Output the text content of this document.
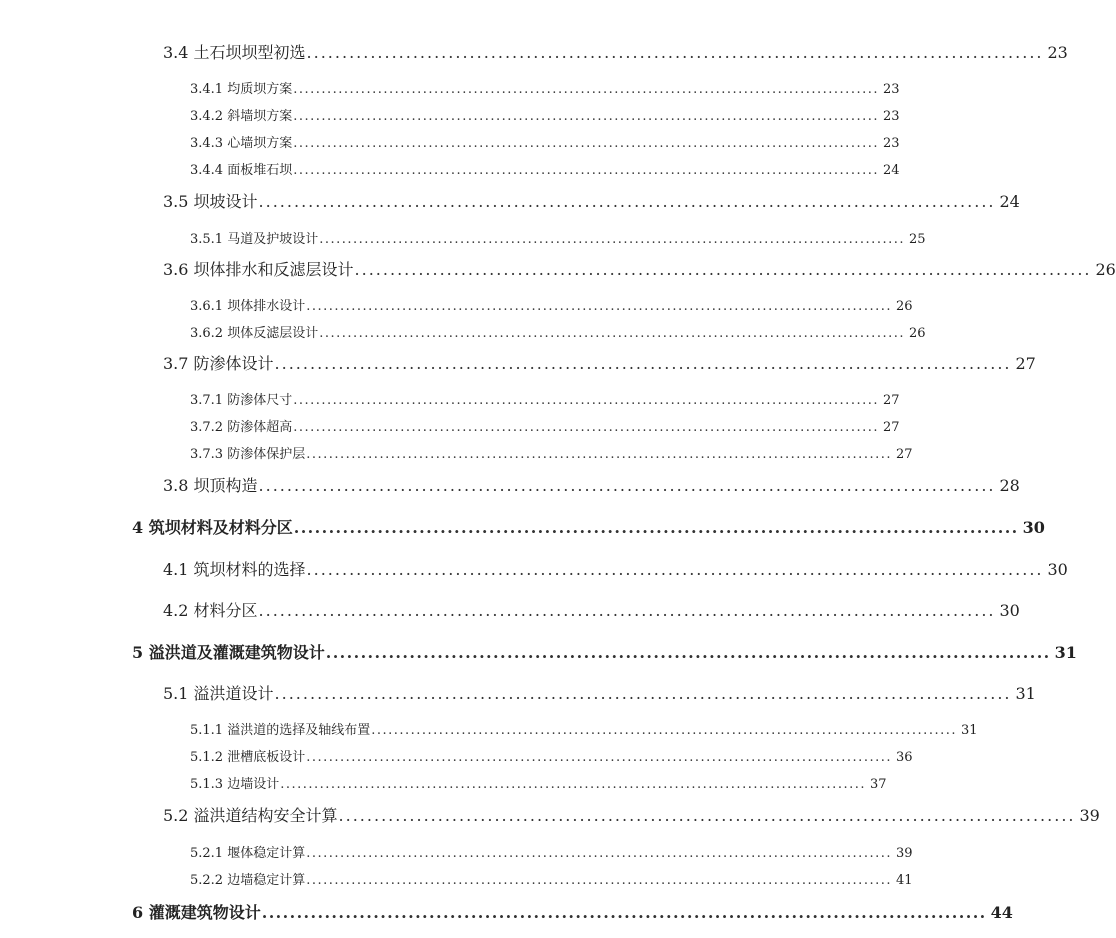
3.4 土石坝坝型初选 ........................................................................................................ 23
3.4.1 均质坝方案 ........................................................................................................ 23
3.4.2 斜墙坝方案 ........................................................................................................ 23
3.4.3 心墙坝方案 ........................................................................................................ 23
3.4.4 面板堆石坝 ........................................................................................................ 24
3.5 坝坡设计 ........................................................................................................ 24
3.5.1 马道及护坡设计 ........................................................................................................ 25
3.6 坝体排水和反滤层设计 ........................................................................................................ 26
3.6.1 坝体排水设计 ........................................................................................................ 26
3.6.2 坝体反滤层设计 ........................................................................................................ 26
3.7 防渗体设计 ........................................................................................................ 27
3.7.1 防渗体尺寸 ........................................................................................................ 27
3.7.2 防渗体超高 ........................................................................................................ 27
3.7.3 防渗体保护层 ........................................................................................................ 27
3.8 坝顶构造 ........................................................................................................ 28
4 筑坝材料及材料分区 ........................................................................................................ 30
4.1 筑坝材料的选择 ........................................................................................................ 30
4.2 材料分区 ........................................................................................................ 30
5 溢洪道及灌溉建筑物设计 ........................................................................................................ 31
5.1 溢洪道设计 ........................................................................................................ 31
5.1.1 溢洪道的选择及轴线布置 ........................................................................................................ 31
5.1.2 泄槽底板设计 ........................................................................................................ 36
5.1.3 边墙设计 ........................................................................................................ 37
5.2 溢洪道结构安全计算 ........................................................................................................ 39
5.2.1 堰体稳定计算 ........................................................................................................ 39
5.2.2 边墙稳定计算 ........................................................................................................ 41
6 灌溉建筑物设计 ........................................................................................................ 44
